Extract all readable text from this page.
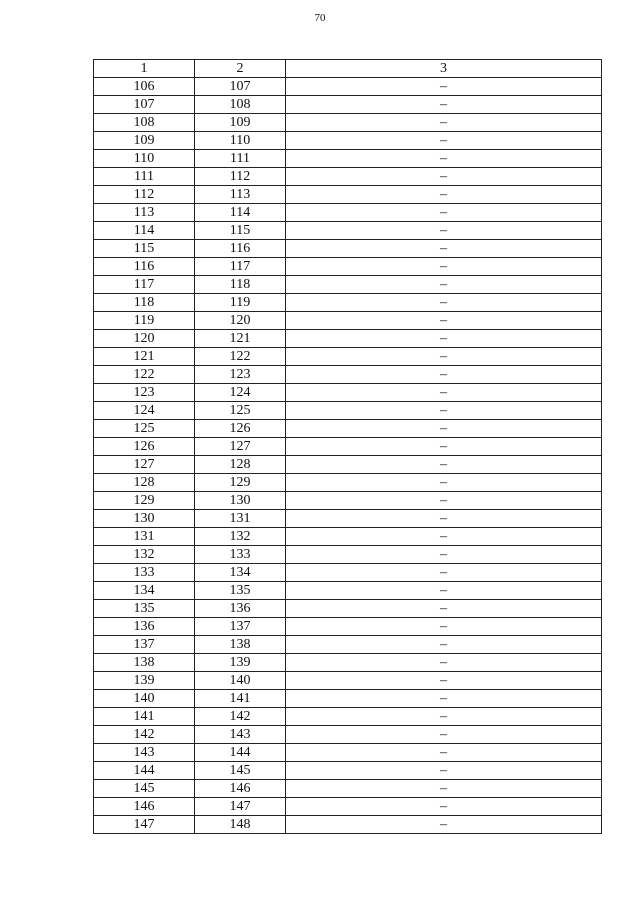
70
1	2	3
106	107	–
107	108	–
108	109	–
109	110	–
110	111	–
111	112	–
112	113	–
113	114	–
114	115	–
115	116	–
116	117	–
117	118	–
118	119	–
119	120	–
120	121	–
121	122	–
122	123	–
123	124	–
124	125	–
125	126	–
126	127	–
127	128	–
128	129	–
129	130	–
130	131	–
131	132	–
132	133	–
133	134	–
134	135	–
135	136	–
136	137	–
137	138	–
138	139	–
139	140	–
140	141	–
141	142	–
142	143	–
143	144	–
144	145	–
145	146	–
146	147	–
147	148	–
